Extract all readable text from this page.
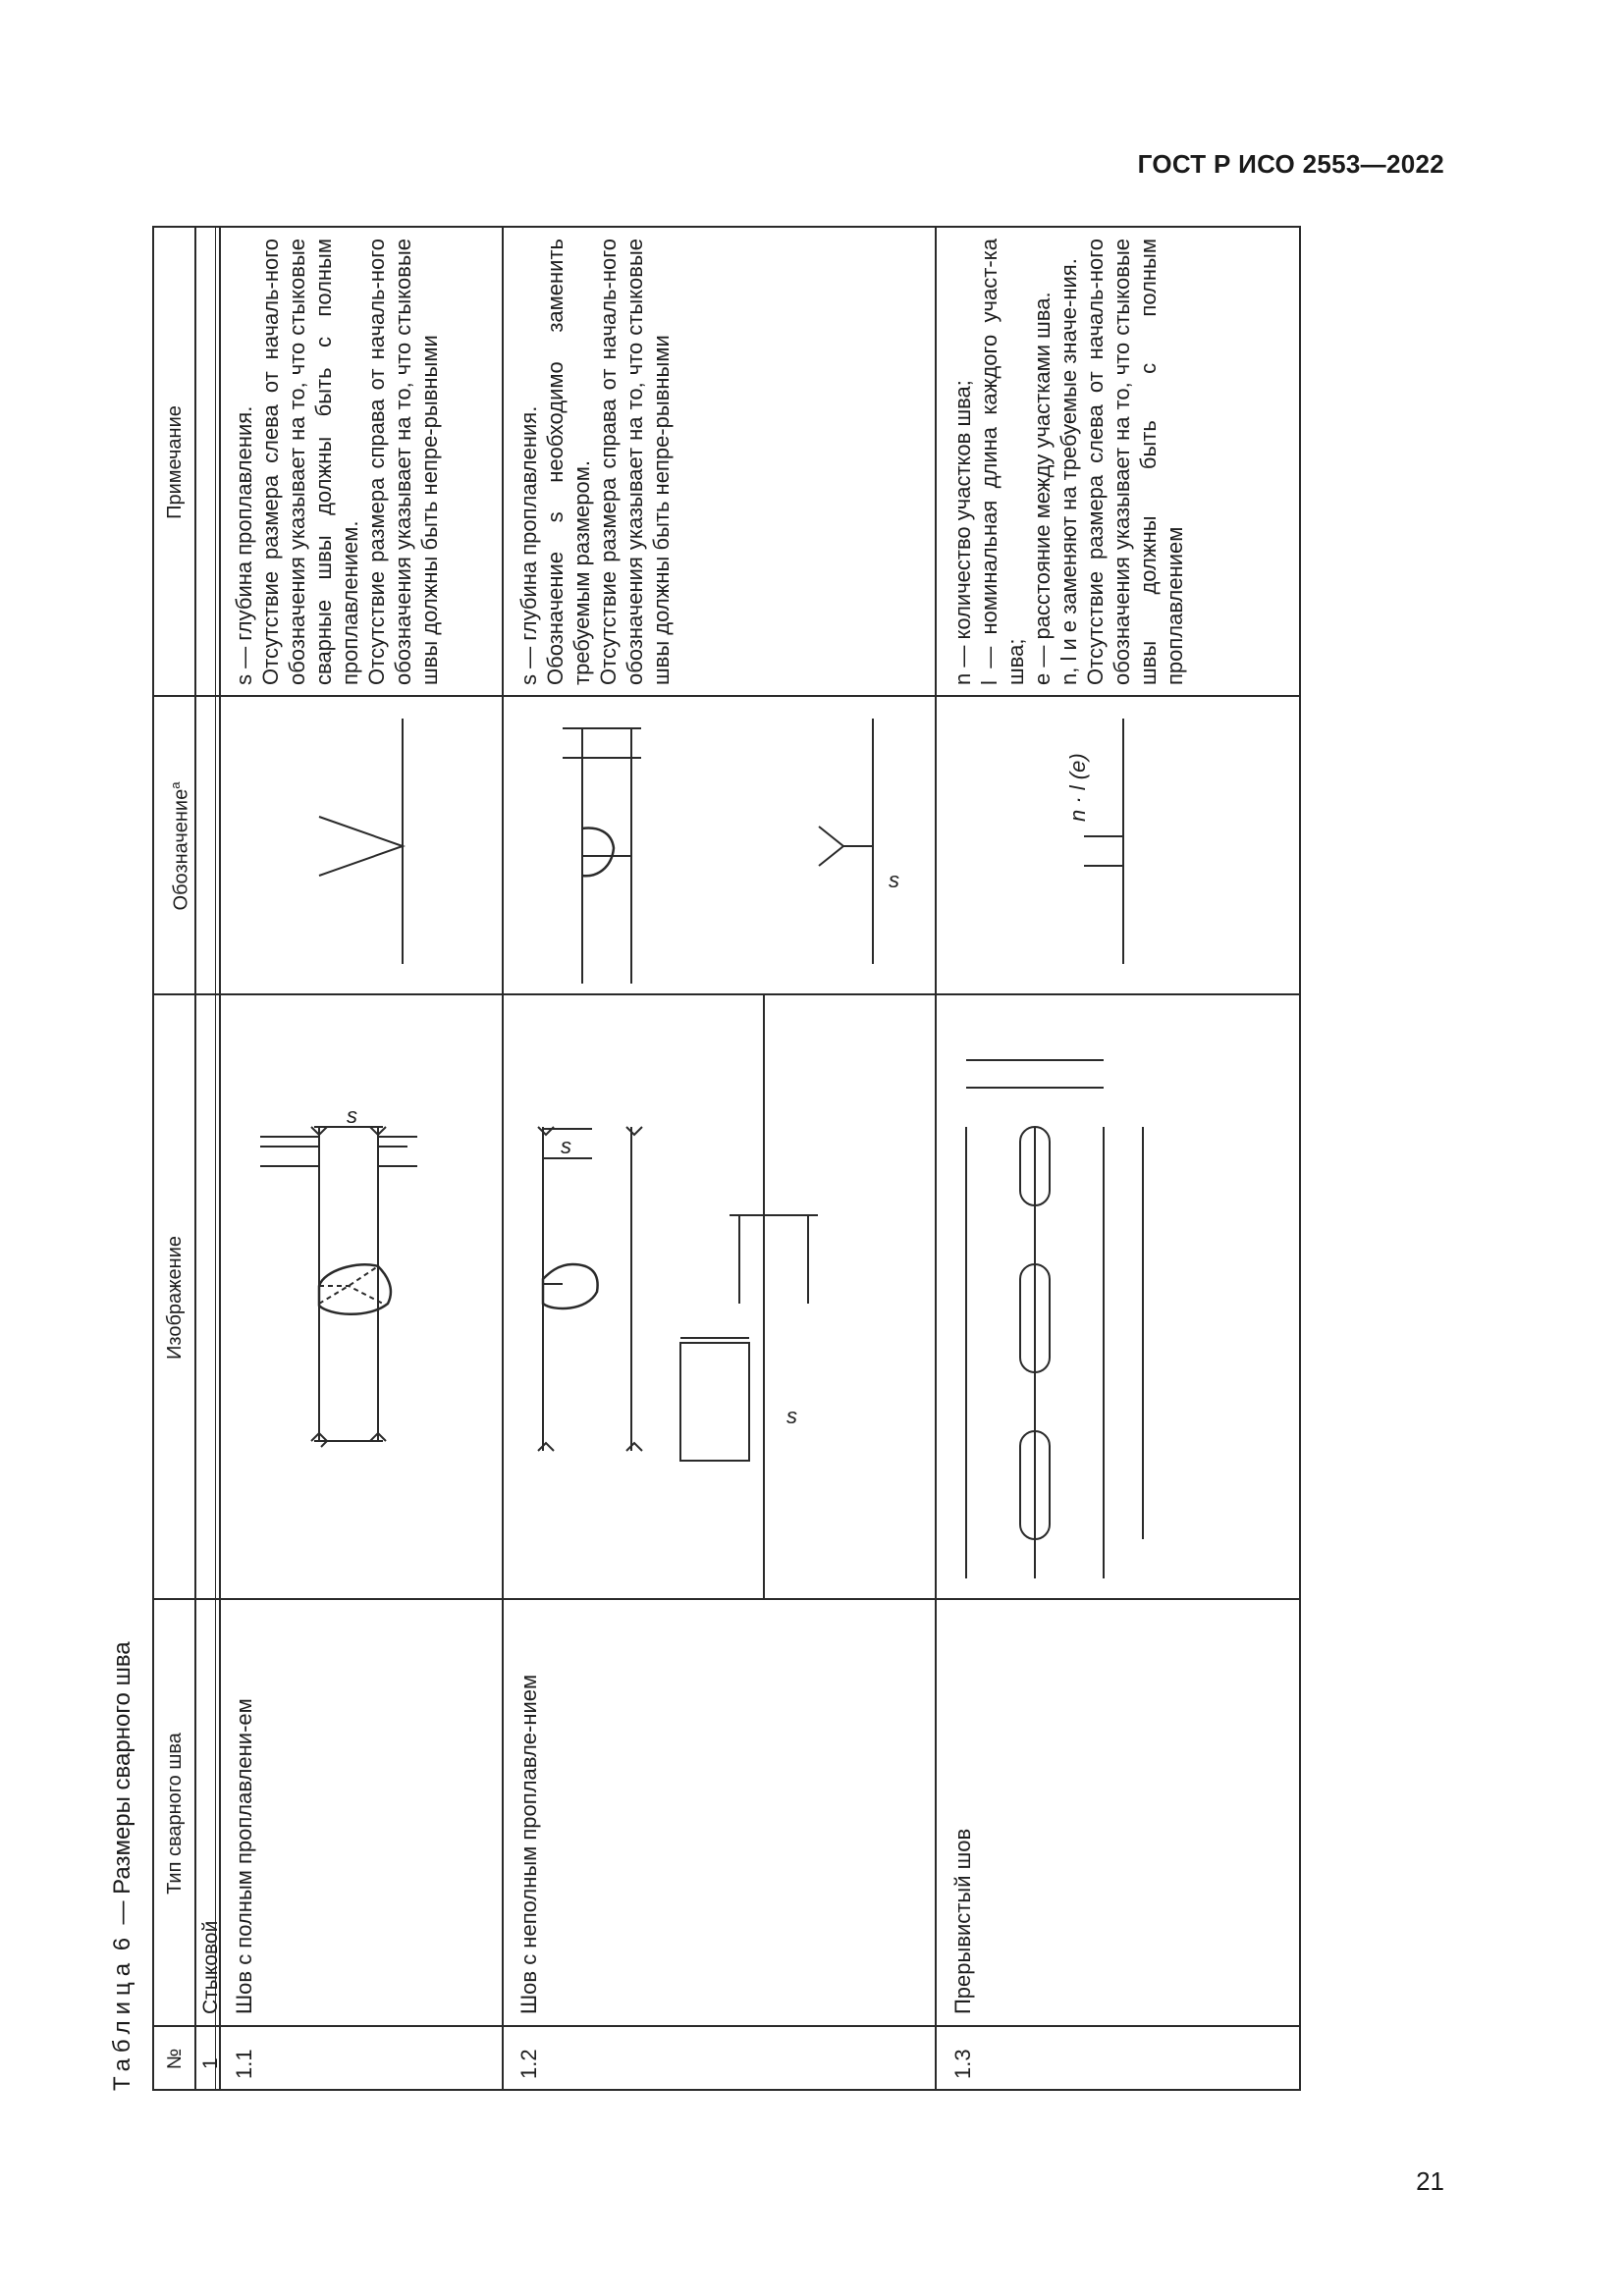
ГОСТ Р ИСО 2553—2022
Таблица 6  — Размеры сварного шва
№
Тип сварного шва
Изображение
Обозначение$^а$
Примечание
1
Стыковой
1.1
Шов с полным проплавлени-ем
s — глубина проплавления. Отсутствие размера слева от началь-ного обозначения указывает на то, что стыковые сварные швы должны быть с полным проплавлением. Отсутствие размера справа от началь-ного обозначения указывает на то, что стыковые швы должны быть непре-рывными
1.2
Шов с неполным проплавле-нием
s — глубина проплавления. Обозначение s необходимо заменить требуемым размером. Отсутствие размера справа от началь-ного обозначения указывает на то, что стыковые швы должны быть непре-рывными
1.3
Прерывистый шов
n — количество участков шва; l — номинальная длина каждого участ-ка шва; e — расстояние между участками шва. n, l и e заменяют на требуемые значе-ния. Отсутствие размера слева от началь-ного обозначения указывает на то, что стыковые швы должны быть с полным проплавлением
s
s
s
s
n · l (e)
21
